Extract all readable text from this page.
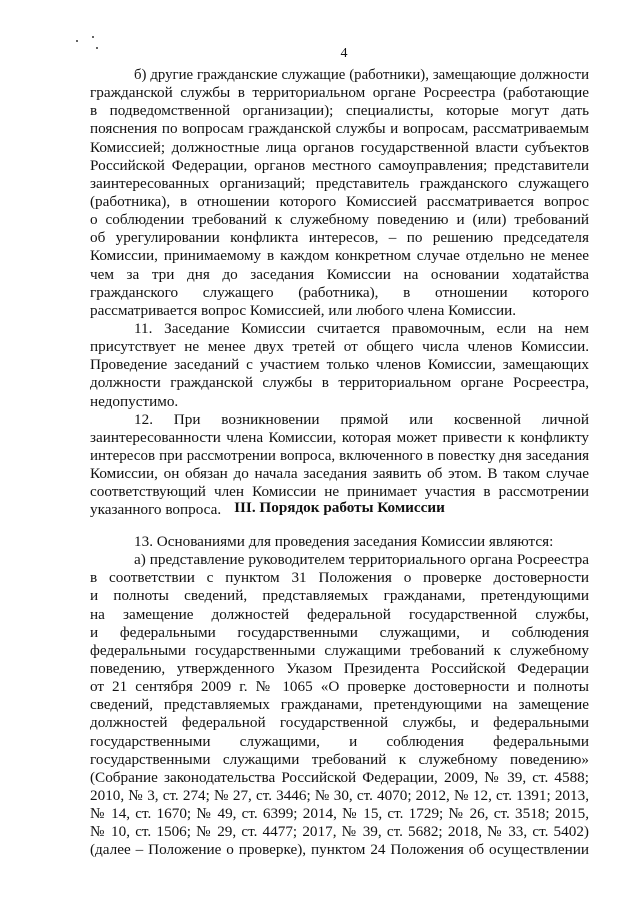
4
б) другие гражданские служащие (работники), замещающие должности
гражданской службы в территориальном органе Росреестра (работающие
в подведомственной организации); специалисты, которые могут дать
пояснения по вопросам гражданской службы и вопросам, рассматриваемым
Комиссией; должностные лица органов государственной власти субъектов
Российской Федерации, органов местного самоуправления; представители
заинтересованных организаций; представитель гражданского служащего
(работника), в отношении которого Комиссией рассматривается вопрос
о соблюдении требований к служебному поведению и (или) требований
об урегулировании конфликта интересов, – по решению председателя
Комиссии, принимаемому в каждом конкретном случае отдельно не менее
чем за три дня до заседания Комиссии на основании ходатайства
гражданского служащего (работника), в отношении которого
рассматривается вопрос Комиссией, или любого члена Комиссии.
11. Заседание Комиссии считается правомочным, если на нем
присутствует не менее двух третей от общего числа членов Комиссии.
Проведение заседаний с участием только членов Комиссии, замещающих
должности гражданской службы в территориальном органе Росреестра,
недопустимо.
12. При возникновении прямой или косвенной личной
заинтересованности члена Комиссии, которая может привести к конфликту
интересов при рассмотрении вопроса, включенного в повестку дня заседания
Комиссии, он обязан до начала заседания заявить об этом. В таком случае
соответствующий член Комиссии не принимает участия в рассмотрении
указанного вопроса. III. Порядок работы Комиссии
13. Основаниями для проведения заседания Комиссии являются:
а) представление руководителем территориального органа Росреестра
в соответствии с пунктом 31 Положения о проверке достоверности
и полноты сведений, представляемых гражданами, претендующими
на замещение должностей федеральной государственной службы,
и федеральными государственными служащими, и соблюдения
федеральными государственными служащими требований к служебному
поведению, утвержденного Указом Президента Российской Федерации
от 21 сентября 2009 г. № 1065 «О проверке достоверности и полноты
сведений, представляемых гражданами, претендующими на замещение
должностей федеральной государственной службы, и федеральными
государственными служащими, и соблюдения федеральными
государственными служащими требований к служебному поведению»
(Собрание законодательства Российской Федерации, 2009, № 39, ст. 4588;
2010, № 3, ст. 274; № 27, ст. 3446; № 30, ст. 4070; 2012, № 12, ст. 1391; 2013,
№ 14, ст. 1670; № 49, ст. 6399; 2014, № 15, ст. 1729; № 26, ст. 3518; 2015,
№ 10, ст. 1506; № 29, ст. 4477; 2017, № 39, ст. 5682; 2018, № 33, ст. 5402)
(далее – Положение о проверке), пунктом 24 Положения об осуществлении
